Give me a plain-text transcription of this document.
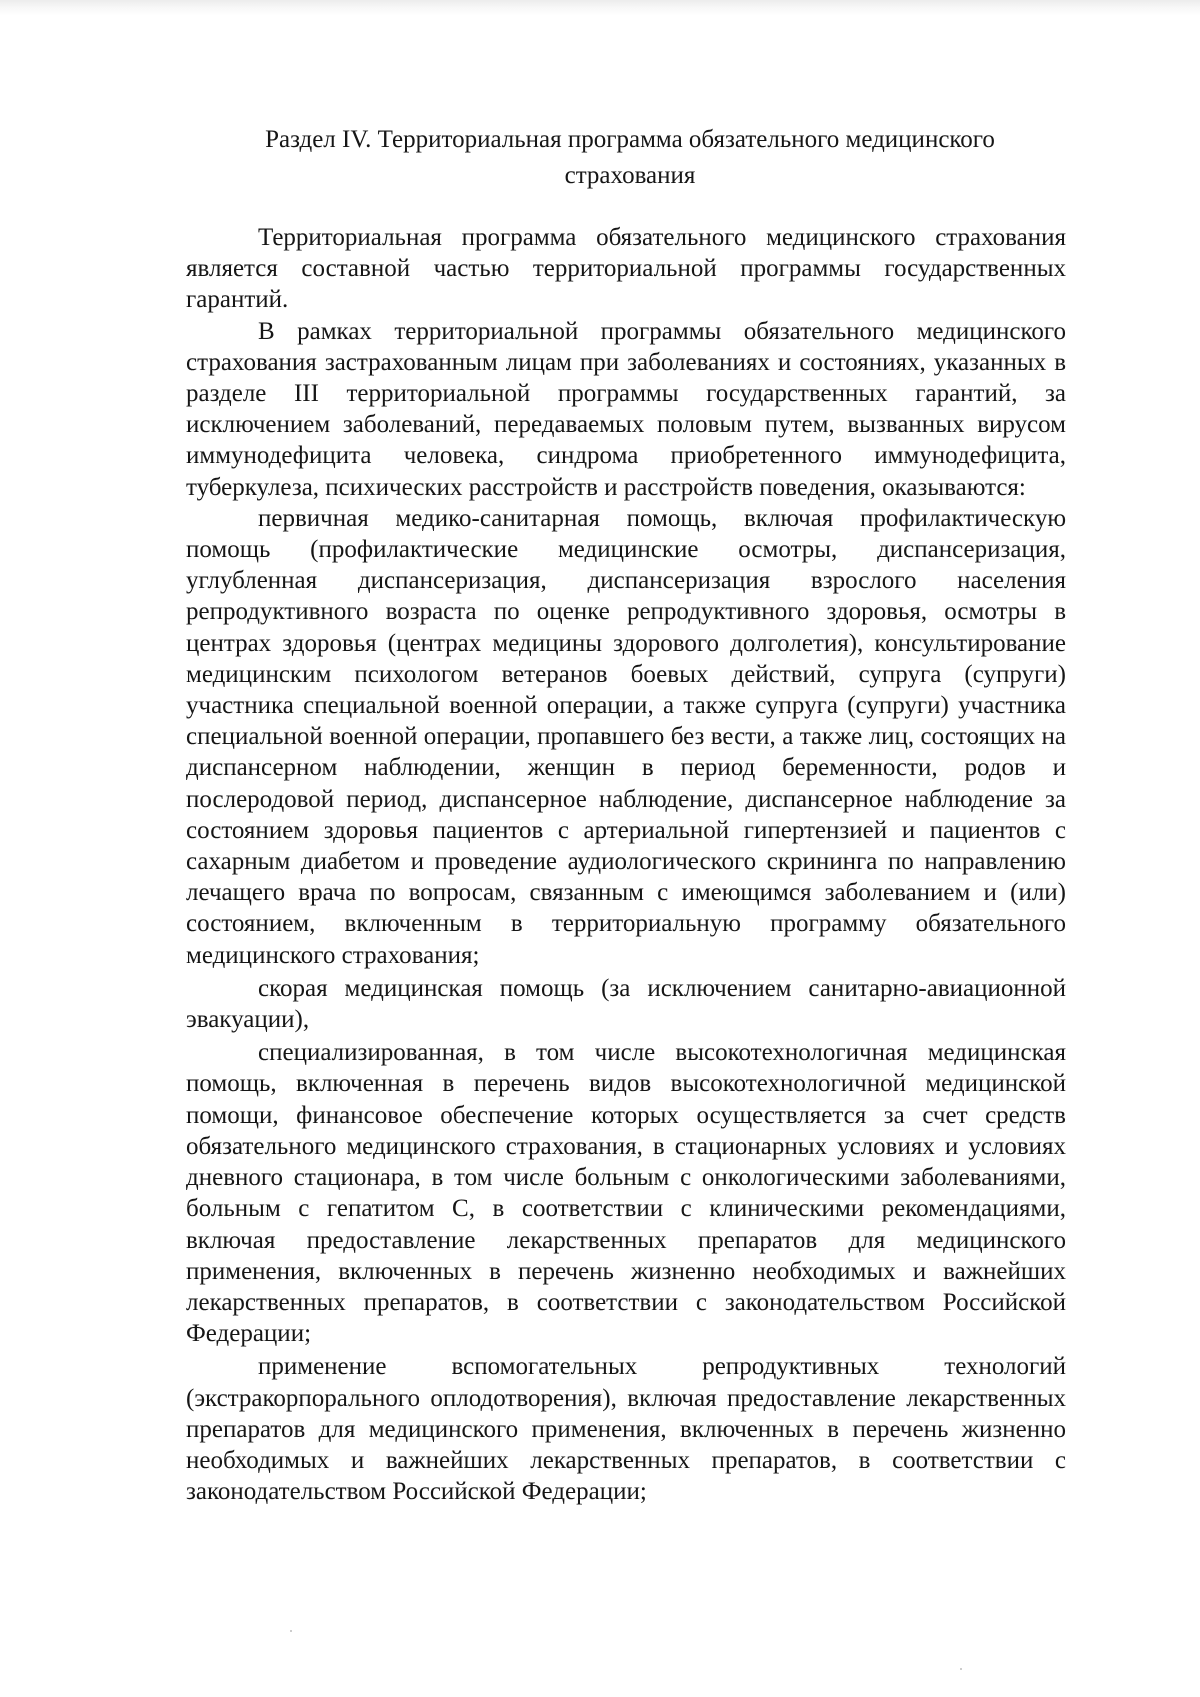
Раздел IV. Территориальная программа обязательного медицинского
страхования

Территориальная программа обязательного медицинского страхования является составной частью территориальной программы государственных гарантий.

В рамках территориальной программы обязательного медицинского страхования застрахованным лицам при заболеваниях и состояниях, указанных в разделе III территориальной программы государственных гарантий, за исключением заболеваний, передаваемых половым путем, вызванных вирусом иммунодефицита человека, синдрома приобретенного иммунодефицита, туберкулеза, психических расстройств и расстройств поведения, оказываются:

первичная медико-санитарная помощь, включая профилактическую помощь (профилактические медицинские осмотры, диспансеризация, углубленная диспансеризация, диспансеризация взрослого населения репродуктивного возраста по оценке репродуктивного здоровья, осмотры в центрах здоровья (центрах медицины здорового долголетия), консультирование медицинским психологом ветеранов боевых действий, супруга (супруги) участника специальной военной операции, а также супруга (супруги) участника специальной военной операции, пропавшего без вести, а также лиц, состоящих на диспансерном наблюдении, женщин в период беременности, родов и послеродовой период, диспансерное наблюдение, диспансерное наблюдение за состоянием здоровья пациентов с артериальной гипертензией и пациентов с сахарным диабетом и проведение аудиологического скрининга по направлению лечащего врача по вопросам, связанным с имеющимся заболеванием и (или) состоянием, включенным в территориальную программу обязательного медицинского страхования;

скорая медицинская помощь (за исключением санитарно-авиационной эвакуации),

специализированная, в том числе высокотехнологичная медицинская помощь, включенная в перечень видов высокотехнологичной медицинской помощи, финансовое обеспечение которых осуществляется за счет средств обязательного медицинского страхования, в стационарных условиях и условиях дневного стационара, в том числе больным с онкологическими заболеваниями, больным с гепатитом С, в соответствии с клиническими рекомендациями, включая предоставление лекарственных препаратов для медицинского применения, включенных в перечень жизненно необходимых и важнейших лекарственных препаратов, в соответствии с законодательством Российской Федерации;

применение вспомогательных репродуктивных технологий (экстракорпорального оплодотворения), включая предоставление лекарственных препаратов для медицинского применения, включенных в перечень жизненно необходимых и важнейших лекарственных препаратов, в соответствии с законодательством Российской Федерации;
